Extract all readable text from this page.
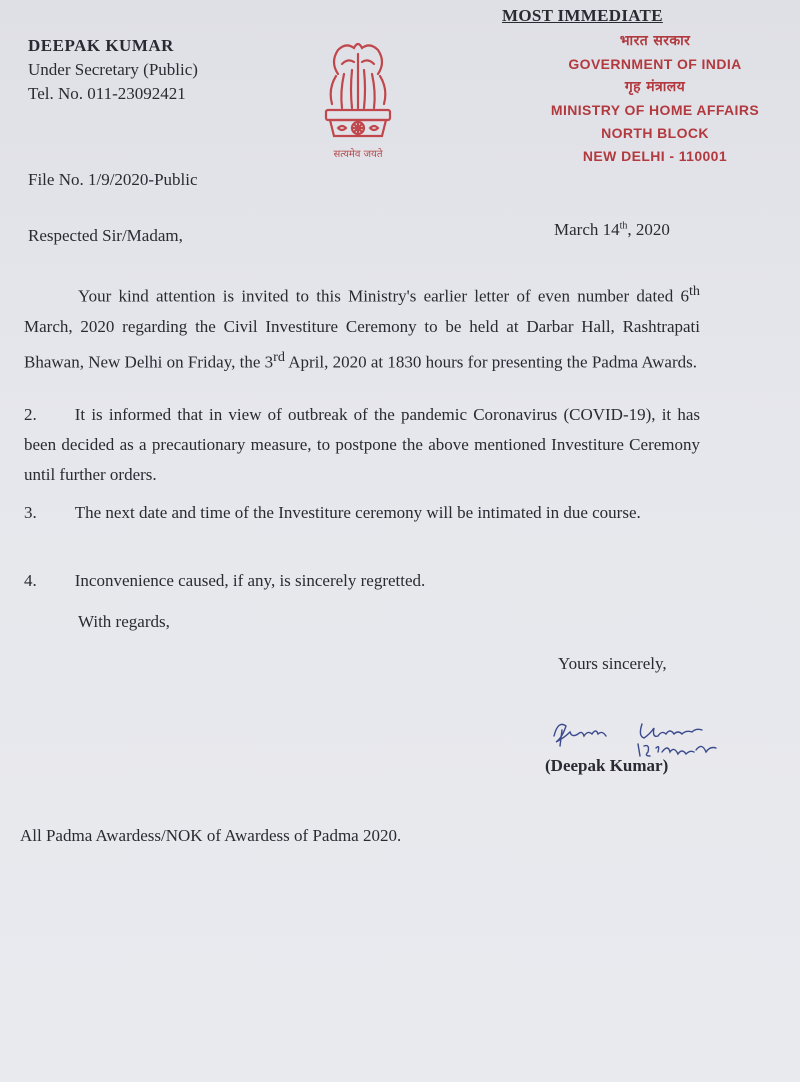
DEEPAK KUMAR
Under Secretary (Public)
Tel. No. 011-23092421
सत्यमेव जयते
MOST IMMEDIATE
भारत सरकार
GOVERNMENT OF INDIA
गृह मंत्रालय
MINISTRY OF HOME AFFAIRS
NORTH BLOCK
NEW DELHI - 110001
File No. 1/9/2020-Public
Respected Sir/Madam,	March 14th, 2020
Your kind attention is invited to this Ministry's earlier letter of even number dated 6th March, 2020 regarding the Civil Investiture Ceremony to be held at Darbar Hall, Rashtrapati Bhawan, New Delhi on Friday, the 3rd April, 2020 at 1830 hours for presenting the Padma Awards.
2. It is informed that in view of outbreak of the pandemic Coronavirus (COVID-19), it has been decided as a precautionary measure, to postpone the above mentioned Investiture Ceremony until further orders.
3. The next date and time of the Investiture ceremony will be intimated in due course.
4. Inconvenience caused, if any, is sincerely regretted.
With regards,
Yours sincerely,
(Deepak Kumar)
All Padma Awardess/NOK of Awardess of Padma 2020.
